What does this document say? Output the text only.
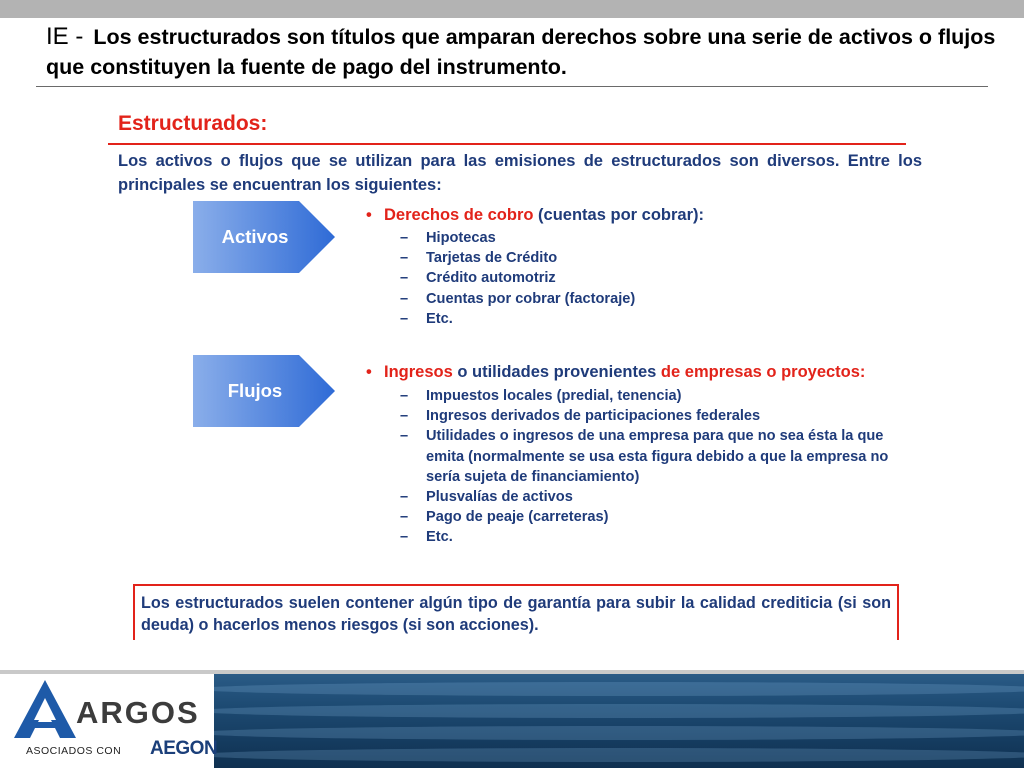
IE - Los estructurados son títulos que amparan derechos sobre una serie de activos o flujos que constituyen la fuente de pago del instrumento.
Estructurados:
Los activos o flujos que se utilizan para las emisiones de estructurados son diversos. Entre los principales se encuentran los siguientes:
Activos
Flujos
• Derechos de cobro (cuentas por cobrar):
– Hipotecas
– Tarjetas de Crédito
– Crédito automotriz
– Cuentas por cobrar (factoraje)
– Etc.
• Ingresos o utilidades provenientes de empresas o proyectos:
– Impuestos locales (predial, tenencia)
– Ingresos derivados de participaciones federales
– Utilidades o ingresos de una empresa para que no sea ésta la que emita (normalmente se usa esta figura debido a que la empresa no sería sujeta de financiamiento)
– Plusvalías de activos
– Pago de peaje (carreteras)
– Etc.
Los estructurados suelen contener algún tipo de garantía para subir la calidad crediticia (si son deuda) o hacerlos menos riesgos (si son acciones).
ARGOS
ASOCIADOS CON AEGON
